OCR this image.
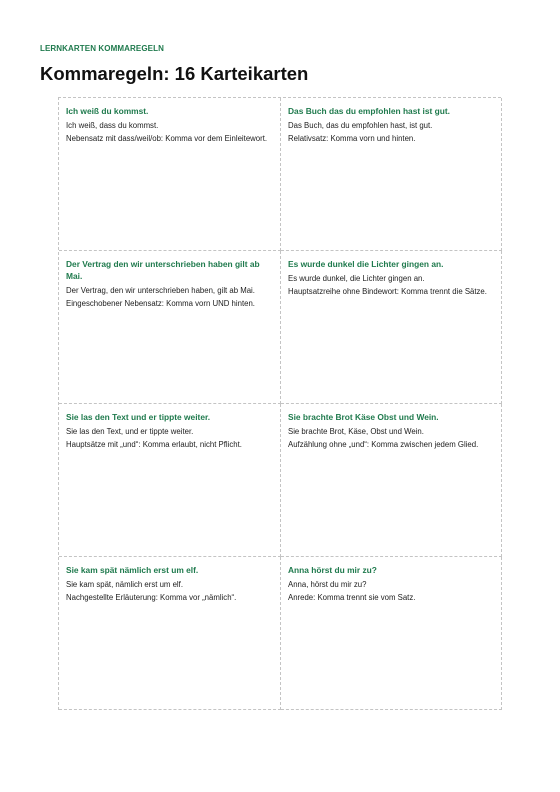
LERNKARTEN KOMMAREGELN
Kommaregeln: 16 Karteikarten

Ich weiß du kommst.

Ich weiß, dass du kommst.

Nebensatz mit dass/weil/ob: Komma vor dem Einleitewort.

Das Buch das du empfohlen hast ist gut.

Das Buch, das du empfohlen hast, ist gut.

Relativsatz: Komma vorn und hinten.

Der Vertrag den wir unterschrieben haben gilt ab Mai.

Der Vertrag, den wir unterschrieben haben, gilt ab Mai.

Eingeschobener Nebensatz: Komma vorn UND hinten.

Es wurde dunkel die Lichter gingen an.

Es wurde dunkel, die Lichter gingen an.

Hauptsatzreihe ohne Bindewort: Komma trennt die Sätze.

Sie las den Text und er tippte weiter.

Sie las den Text, und er tippte weiter.

Hauptsätze mit „und“: Komma erlaubt, nicht Pflicht.

Sie brachte Brot Käse Obst und Wein.

Sie brachte Brot, Käse, Obst und Wein.

Aufzählung ohne „und“: Komma zwischen jedem Glied.

Sie kam spät nämlich erst um elf.

Sie kam spät, nämlich erst um elf.

Nachgestellte Erläuterung: Komma vor „nämlich“.

Anna hörst du mir zu?

Anna, hörst du mir zu?

Anrede: Komma trennt sie vom Satz.
